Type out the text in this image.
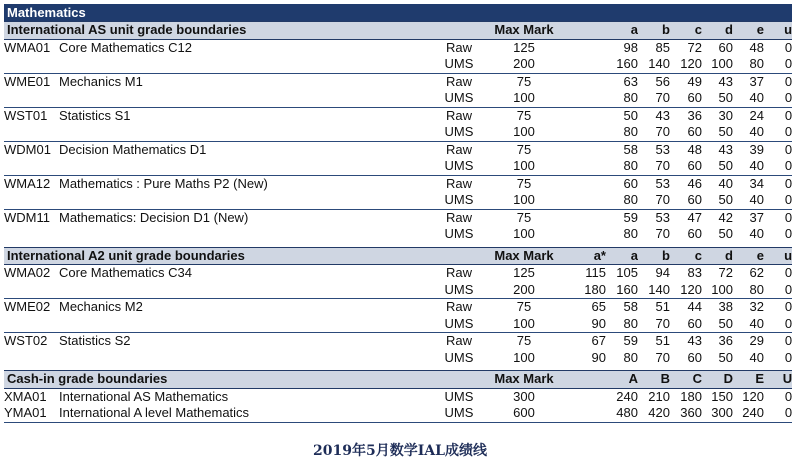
Mathematics										
International AS unit grade boundaries			Max Mark		a	b	c	d	e	u
WMA01	Core Mathematics C12	Raw	125		98	85	72	60	48	0
		UMS	200		160	140	120	100	80	0
WME01	Mechanics M1	Raw	75		63	56	49	43	37	0
		UMS	100		80	70	60	50	40	0
WST01	Statistics S1	Raw	75		50	43	36	30	24	0
		UMS	100		80	70	60	50	40	0
WDM01	Decision Mathematics D1	Raw	75		58	53	48	43	39	0
		UMS	100		80	70	60	50	40	0
WMA12	Mathematics : Pure Maths P2 (New)	Raw	75		60	53	46	40	34	0
		UMS	100		80	70	60	50	40	0
WDM11	Mathematics: Decision D1 (New)	Raw	75		59	53	47	42	37	0
		UMS	100		80	70	60	50	40	0

International A2 unit grade boundaries			Max Mark	a*	a	b	c	d	e	u
WMA02	Core Mathematics C34	Raw	125	115	105	94	83	72	62	0
		UMS	200	180	160	140	120	100	80	0
WME02	Mechanics M2	Raw	75	65	58	51	44	38	32	0
		UMS	100	90	80	70	60	50	40	0
WST02	Statistics S2	Raw	75	67	59	51	43	36	29	0
		UMS	100	90	80	70	60	50	40	0

Cash-in grade boundaries			Max Mark		A	B	C	D	E	U
XMA01	International AS Mathematics	UMS	300		240	210	180	150	120	0
YMA01	International A level Mathematics	UMS	600		480	420	360	300	240	0
2019年5月数学IAL成绩线
